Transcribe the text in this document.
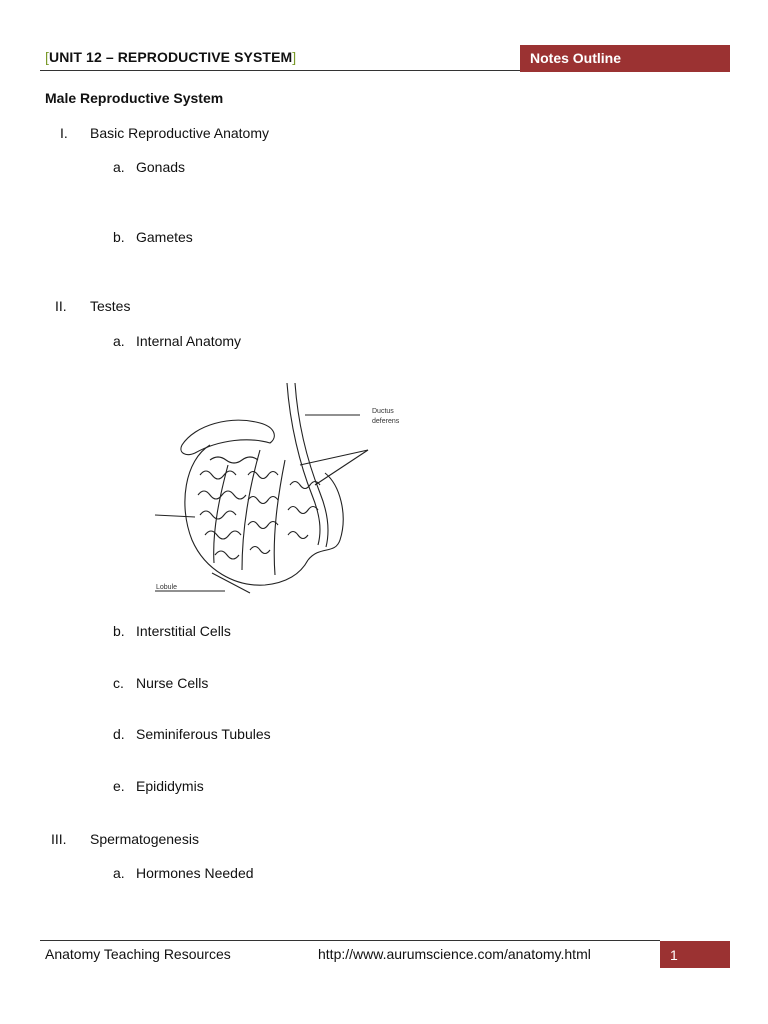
[UNIT 12 – REPRODUCTIVE SYSTEM]	Notes Outline
Male Reproductive System
I.	Basic Reproductive Anatomy
a. Gonads
b. Gametes
II.	Testes
a. Internal Anatomy
Ductus
deferens
Lobule
b. Interstitial Cells
c. Nurse Cells
d. Seminiferous Tubules
e. Epididymis
III.	Spermatogenesis
a. Hormones Needed
Anatomy Teaching Resources	http://www.aurumscience.com/anatomy.html	1
